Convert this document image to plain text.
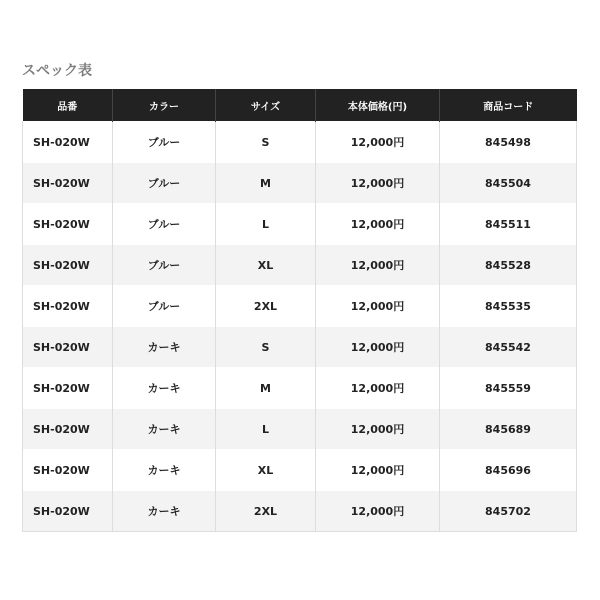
スペック表
品番	カラー	サイズ	本体価格(円)	商品コード
SH-020W	ブルー	S	12,000円	845498
SH-020W	ブルー	M	12,000円	845504
SH-020W	ブルー	L	12,000円	845511
SH-020W	ブルー	XL	12,000円	845528
SH-020W	ブルー	2XL	12,000円	845535
SH-020W	カーキ	S	12,000円	845542
SH-020W	カーキ	M	12,000円	845559
SH-020W	カーキ	L	12,000円	845689
SH-020W	カーキ	XL	12,000円	845696
SH-020W	カーキ	2XL	12,000円	845702
